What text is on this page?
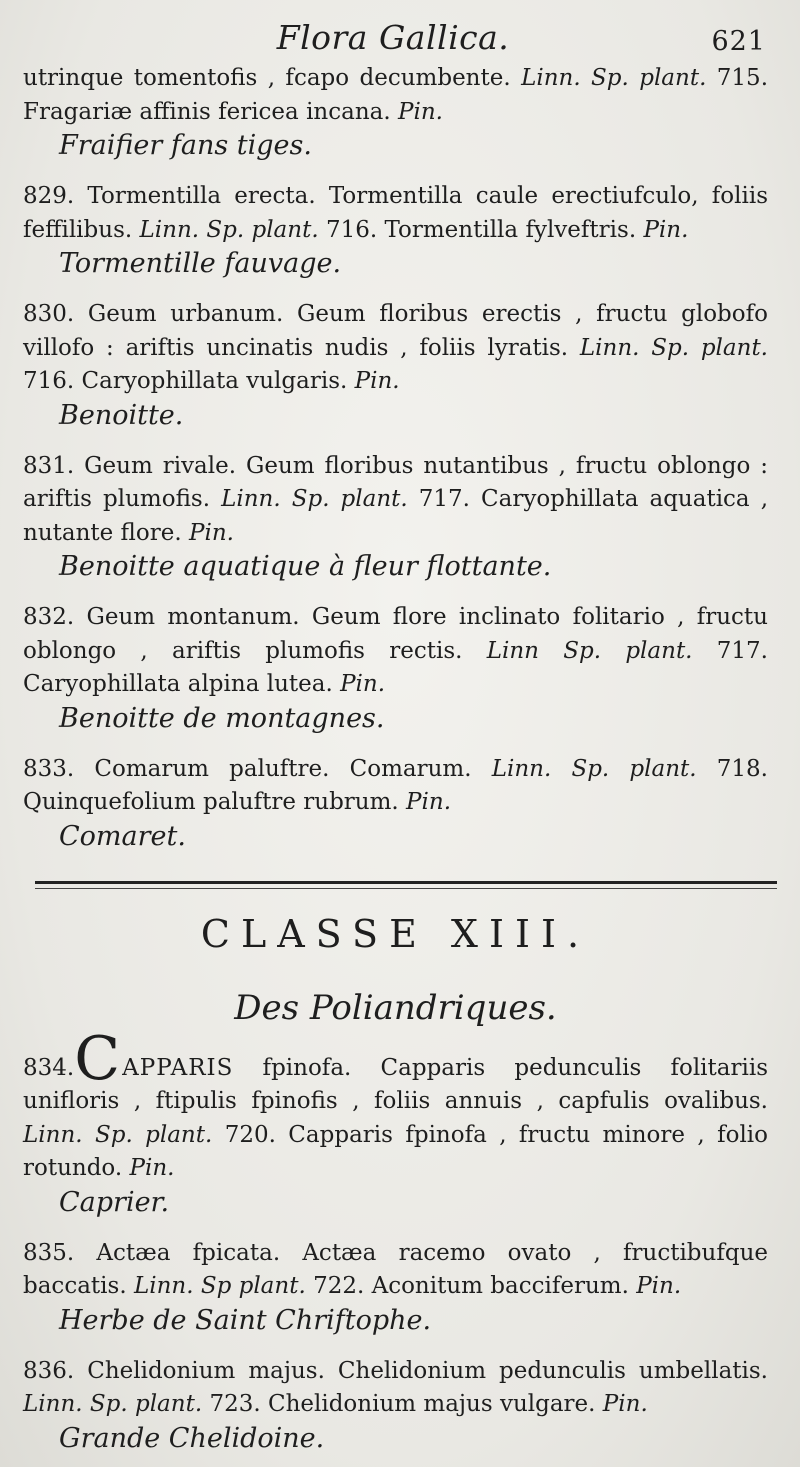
Flora Gallica.	621

utrinque tomentofis , fcapo decumbente. Linn. Sp. plant. 715. Fragariæ affinis fericea incana. Pin.

Fraifier fans tiges.

829. Tormentilla erecta. Tormentilla caule erectiufculo, foliis feffilibus. Linn. Sp. plant. 716. Tormentilla fylveftris. Pin.

Tormentille fauvage.

830. Geum urbanum. Geum floribus erectis , fructu globofo villofo : ariftis uncinatis nudis , foliis lyratis. Linn. Sp. plant. 716. Caryophillata vulgaris. Pin.

Benoitte.

831. Geum rivale. Geum floribus nutantibus , fructu oblongo : ariftis plumofis. Linn. Sp. plant. 717. Caryophillata aquatica , nutante flore. Pin.

Benoitte aquatique à fleur flottante.

832. Geum montanum. Geum flore inclinato folitario , fructu oblongo , ariftis plumofis rectis. Linn Sp. plant. 717. Caryophillata alpina lutea. Pin.

Benoitte de montagnes.

833. Comarum paluftre. Comarum. Linn. Sp. plant. 718. Quinquefolium paluftre rubrum. Pin.

Comaret.

CLASSE XIII.
Des Poliandriques.

834.CAPPARIS fpinofa. Capparis pedunculis folitariis unifloris , ftipulis fpinofis , foliis annuis , capfulis ovalibus. Linn. Sp. plant. 720. Capparis fpinofa , fructu minore , folio rotundo. Pin.

Caprier.

835. Actæa fpicata. Actæa racemo ovato , fructibufque baccatis. Linn. Sp plant. 722. Aconitum bacciferum. Pin.

Herbe de Saint Chriftophe.

836. Chelidonium majus. Chelidonium pedunculis umbellatis. Linn. Sp. plant. 723. Chelidonium majus vulgare. Pin.

Grande Chelidoine.
